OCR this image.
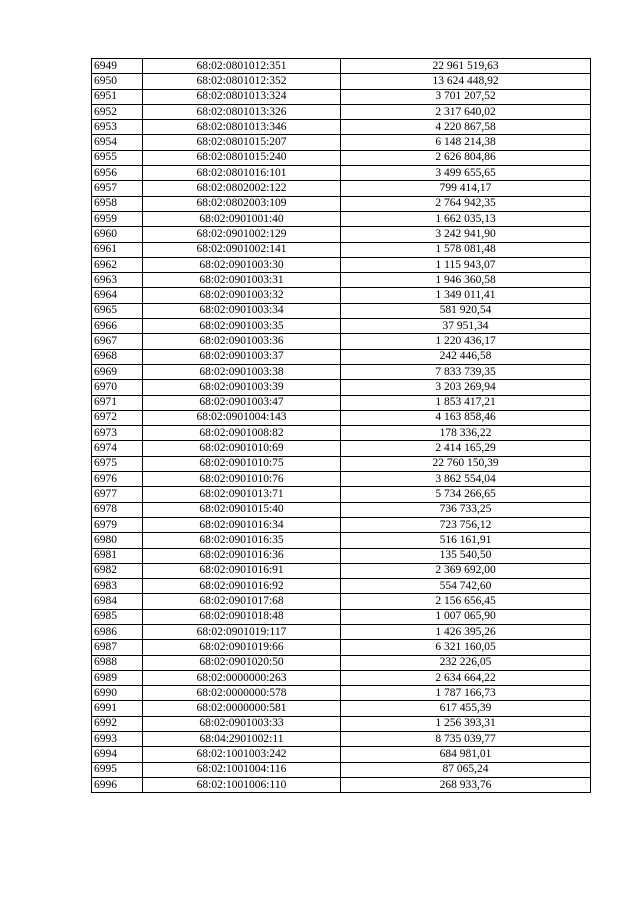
6949	68:02:0801012:351	22 961 519,63
6950	68:02:0801012:352	13 624 448,92
6951	68:02:0801013:324	3 701 207,52
6952	68:02:0801013:326	2 317 640,02
6953	68:02:0801013:346	4 220 867,58
6954	68:02:0801015:207	6 148 214,38
6955	68:02:0801015:240	2 626 804,86
6956	68:02:0801016:101	3 499 655,65
6957	68:02:0802002:122	799 414,17
6958	68:02:0802003:109	2 764 942,35
6959	68:02:0901001:40	1 662 035,13
6960	68:02:0901002:129	3 242 941,90
6961	68:02:0901002:141	1 578 081,48
6962	68:02:0901003:30	1 115 943,07
6963	68:02:0901003:31	1 946 360,58
6964	68:02:0901003:32	1 349 011,41
6965	68:02:0901003:34	581 920,54
6966	68:02:0901003:35	37 951,34
6967	68:02:0901003:36	1 220 436,17
6968	68:02:0901003:37	242 446,58
6969	68:02:0901003:38	7 833 739,35
6970	68:02:0901003:39	3 203 269,94
6971	68:02:0901003:47	1 853 417,21
6972	68:02:0901004:143	4 163 858,46
6973	68:02:0901008:82	178 336,22
6974	68:02:0901010:69	2 414 165,29
6975	68:02:0901010:75	22 760 150,39
6976	68:02:0901010:76	3 862 554,04
6977	68:02:0901013:71	5 734 266,65
6978	68:02:0901015:40	736 733,25
6979	68:02:0901016:34	723 756,12
6980	68:02:0901016:35	516 161,91
6981	68:02:0901016:36	135 540,50
6982	68:02:0901016:91	2 369 692,00
6983	68:02:0901016:92	554 742,60
6984	68:02:0901017:68	2 156 656,45
6985	68:02:0901018:48	1 007 065,90
6986	68:02:0901019:117	1 426 395,26
6987	68:02:0901019:66	6 321 160,05
6988	68:02:0901020:50	232 226,05
6989	68:02:0000000:263	2 634 664,22
6990	68:02:0000000:578	1 787 166,73
6991	68:02:0000000:581	617 455,39
6992	68:02:0901003:33	1 256 393,31
6993	68:04:2901002:11	8 735 039,77
6994	68:02:1001003:242	684 981,01
6995	68:02:1001004:116	87 065,24
6996	68:02:1001006:110	268 933,76
